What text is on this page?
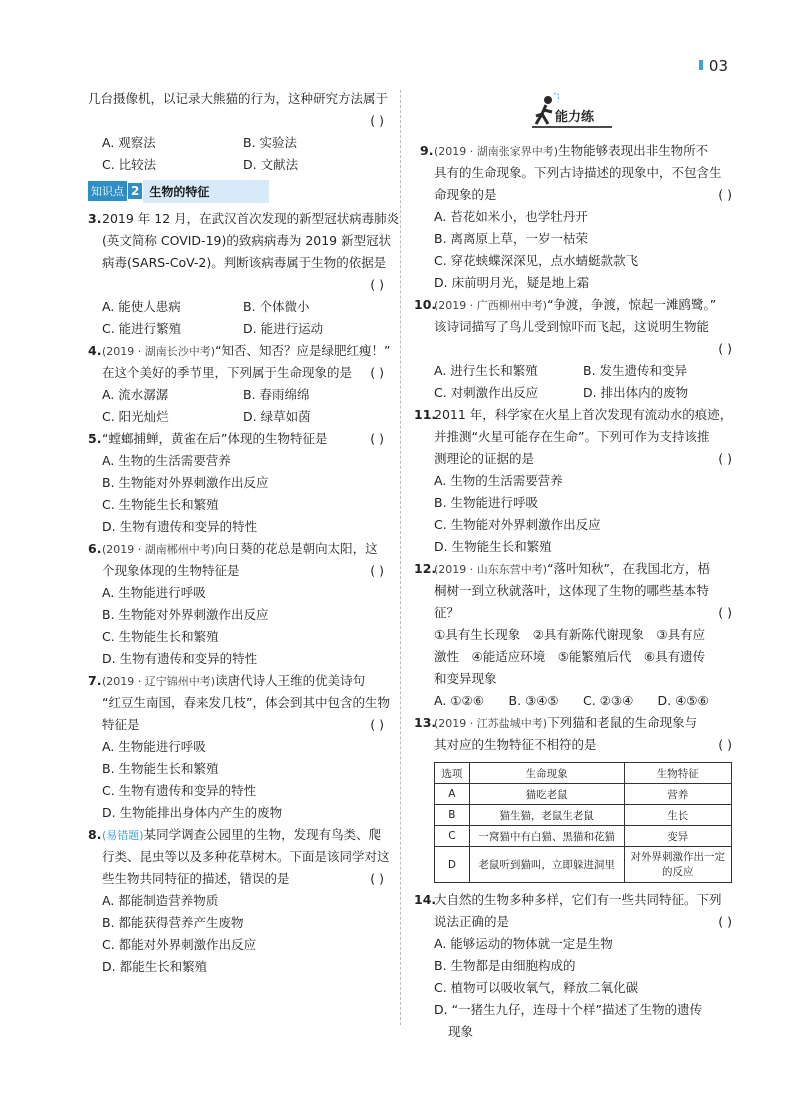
03
几台摄像机，以记录大熊猫的行为，这种研究方法属于
( )
A. 观察法	B. 实验法
C. 比较法	D. 文献法
知识点 2 生物的特征
3.2019 年 12 月，在武汉首次发现的新型冠状病毒肺炎
(英文简称 COVID-19)的致病病毒为 2019 新型冠状
病毒(SARS-CoV-2)。判断该病毒属于生物的依据是
( )
A. 能使人患病	B. 个体微小
C. 能进行繁殖	D. 能进行运动
4.(2019 · 湖南长沙中考)“知否、知否？应是绿肥红瘦！”
在这个美好的季节里，下列属于生命现象的是 ( )
A. 流水潺潺	B. 春雨绵绵
C. 阳光灿烂	D. 绿草如茵
5.“螳螂捕蝉，黄雀在后”体现的生物特征是	( )
A. 生物的生活需要营养
B. 生物能对外界刺激作出反应
C. 生物能生长和繁殖
D. 生物有遗传和变异的特性
6.(2019 · 湖南郴州中考)向日葵的花总是朝向太阳，这
个现象体现的生物特征是	( )
A. 生物能进行呼吸
B. 生物能对外界刺激作出反应
C. 生物能生长和繁殖
D. 生物有遗传和变异的特性
7.(2019 · 辽宁锦州中考)读唐代诗人王维的优美诗句
“红豆生南国，春来发几枝”，体会到其中包含的生物
特征是	( )
A. 生物能进行呼吸
B. 生物能生长和繁殖
C. 生物有遗传和变异的特性
D. 生物能排出身体内产生的废物
8.(易错题)某同学调查公园里的生物，发现有鸟类、爬
行类、昆虫等以及多种花草树木。下面是该同学对这
些生物共同特征的描述，错误的是	( )
A. 都能制造营养物质
B. 都能获得营养产生废物
C. 都能对外界刺激作出反应
D. 都能生长和繁殖
能力练
9.(2019 · 湖南张家界中考)生物能够表现出非生物所不
具有的生命现象。下列古诗描述的现象中，不包含生
命现象的是	( )
A. 苔花如米小，也学牡丹开
B. 离离原上草，一岁一枯荣
C. 穿花蛱蝶深深见，点水蜻蜓款款飞
D. 床前明月光，疑是地上霜
10.(2019 · 广西柳州中考)“争渡，争渡，惊起一滩鸥鹭。”
该诗词描写了鸟儿受到惊吓而飞起，这说明生物能
( )
A. 进行生长和繁殖	B. 发生遗传和变异
C. 对刺激作出反应	D. 排出体内的废物
11.2011 年，科学家在火星上首次发现有流动水的痕迹，
并推测“火星可能存在生命”。下列可作为支持该推
测理论的证据的是	( )
A. 生物的生活需要营养
B. 生物能进行呼吸
C. 生物能对外界刺激作出反应
D. 生物能生长和繁殖
12.(2019 · 山东东营中考)“落叶知秋”，在我国北方，梧
桐树一到立秋就落叶，这体现了生物的哪些基本特
征？	( )
①具有生长现象　②具有新陈代谢现象　③具有应
激性　④能适应环境　⑤能繁殖后代　⑥具有遗传
和变异现象
A. ①②⑥	B. ③④⑤	C. ②③④	D. ④⑤⑥
13.(2019 · 江苏盐城中考)下列猫和老鼠的生命现象与
其对应的生物特征不相符的是	( )
选项	生命现象	生物特征
A	猫吃老鼠	营养
B	猫生猫，老鼠生老鼠	生长
C	一窝猫中有白猫、黑猫和花猫	变异
D	老鼠听到猫叫，立即躲进洞里	对外界刺激作出一定的反应
14.大自然的生物多种多样，它们有一些共同特征。下列
说法正确的是	( )
A. 能够运动的物体就一定是生物
B. 生物都是由细胞构成的
C. 植物可以吸收氧气，释放二氧化碳
D. “一猪生九仔，连母十个样”描述了生物的遗传
现象
